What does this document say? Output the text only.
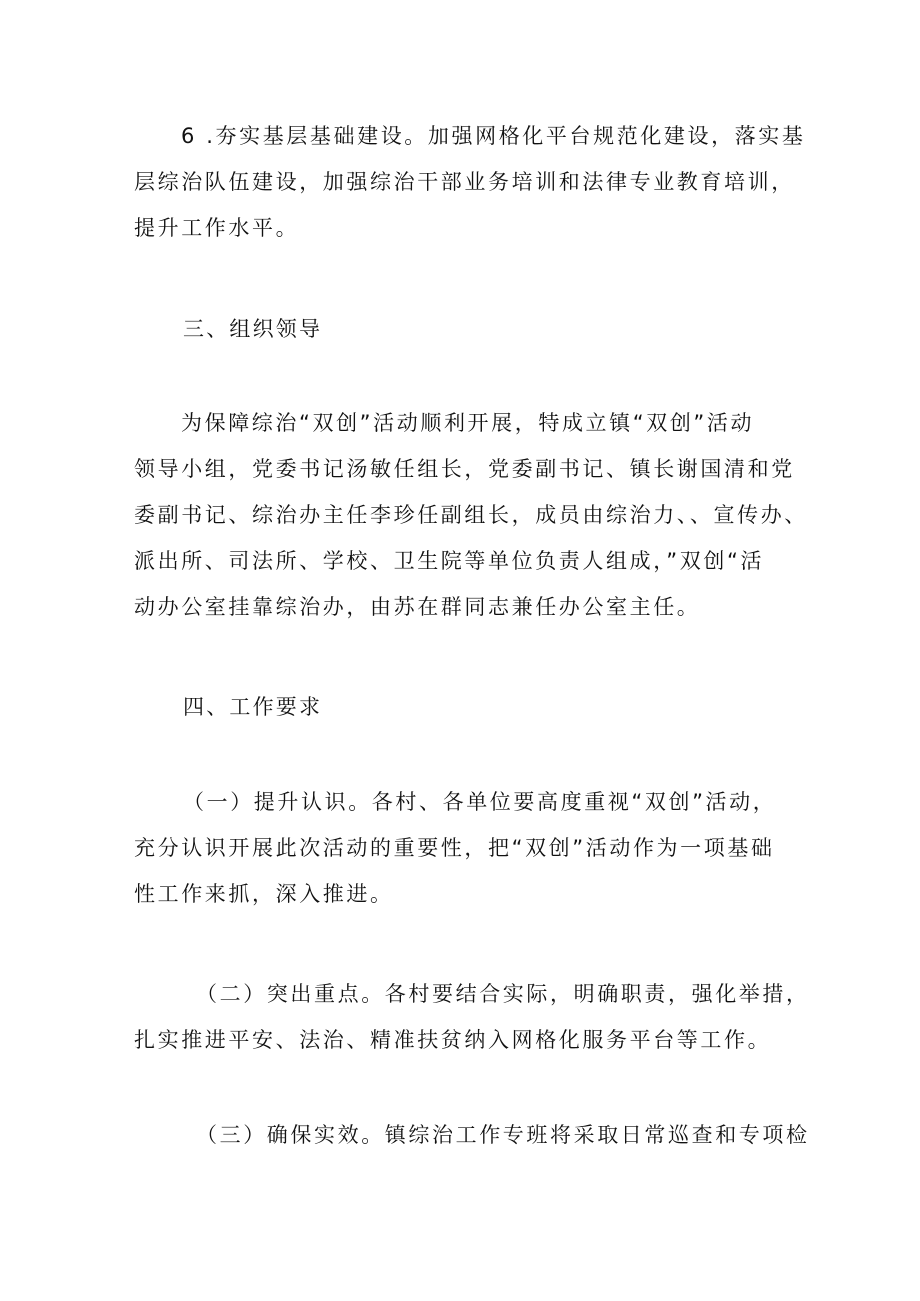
6 .夯实基层基础建设。加强网格化平台规范化建设，落实基
层综治队伍建设，加强综治干部业务培训和法律专业教育培训，
提升工作水平。
三、组织领导
为保障综治“双创”活动顺利开展，特成立镇“双创”活动
领导小组，党委书记汤敏任组长，党委副书记、镇长谢国清和党
委副书记、综治办主任李珍任副组长，成员由综治力、、宣传办、
派出所、司法所、学校、卫生院等单位负责人组成，”双创“活
动办公室挂靠综治办，由苏在群同志兼任办公室主任。
四、工作要求
（一）提升认识。各村、各单位要高度重视“双创”活动，
充分认识开展此次活动的重要性，把“双创”活动作为一项基础
性工作来抓，深入推进。
（二）突出重点。各村要结合实际，明确职责，强化举措，
扎实推进平安、法治、精准扶贫纳入网格化服务平台等工作。
（三）确保实效。镇综治工作专班将采取日常巡查和专项检
